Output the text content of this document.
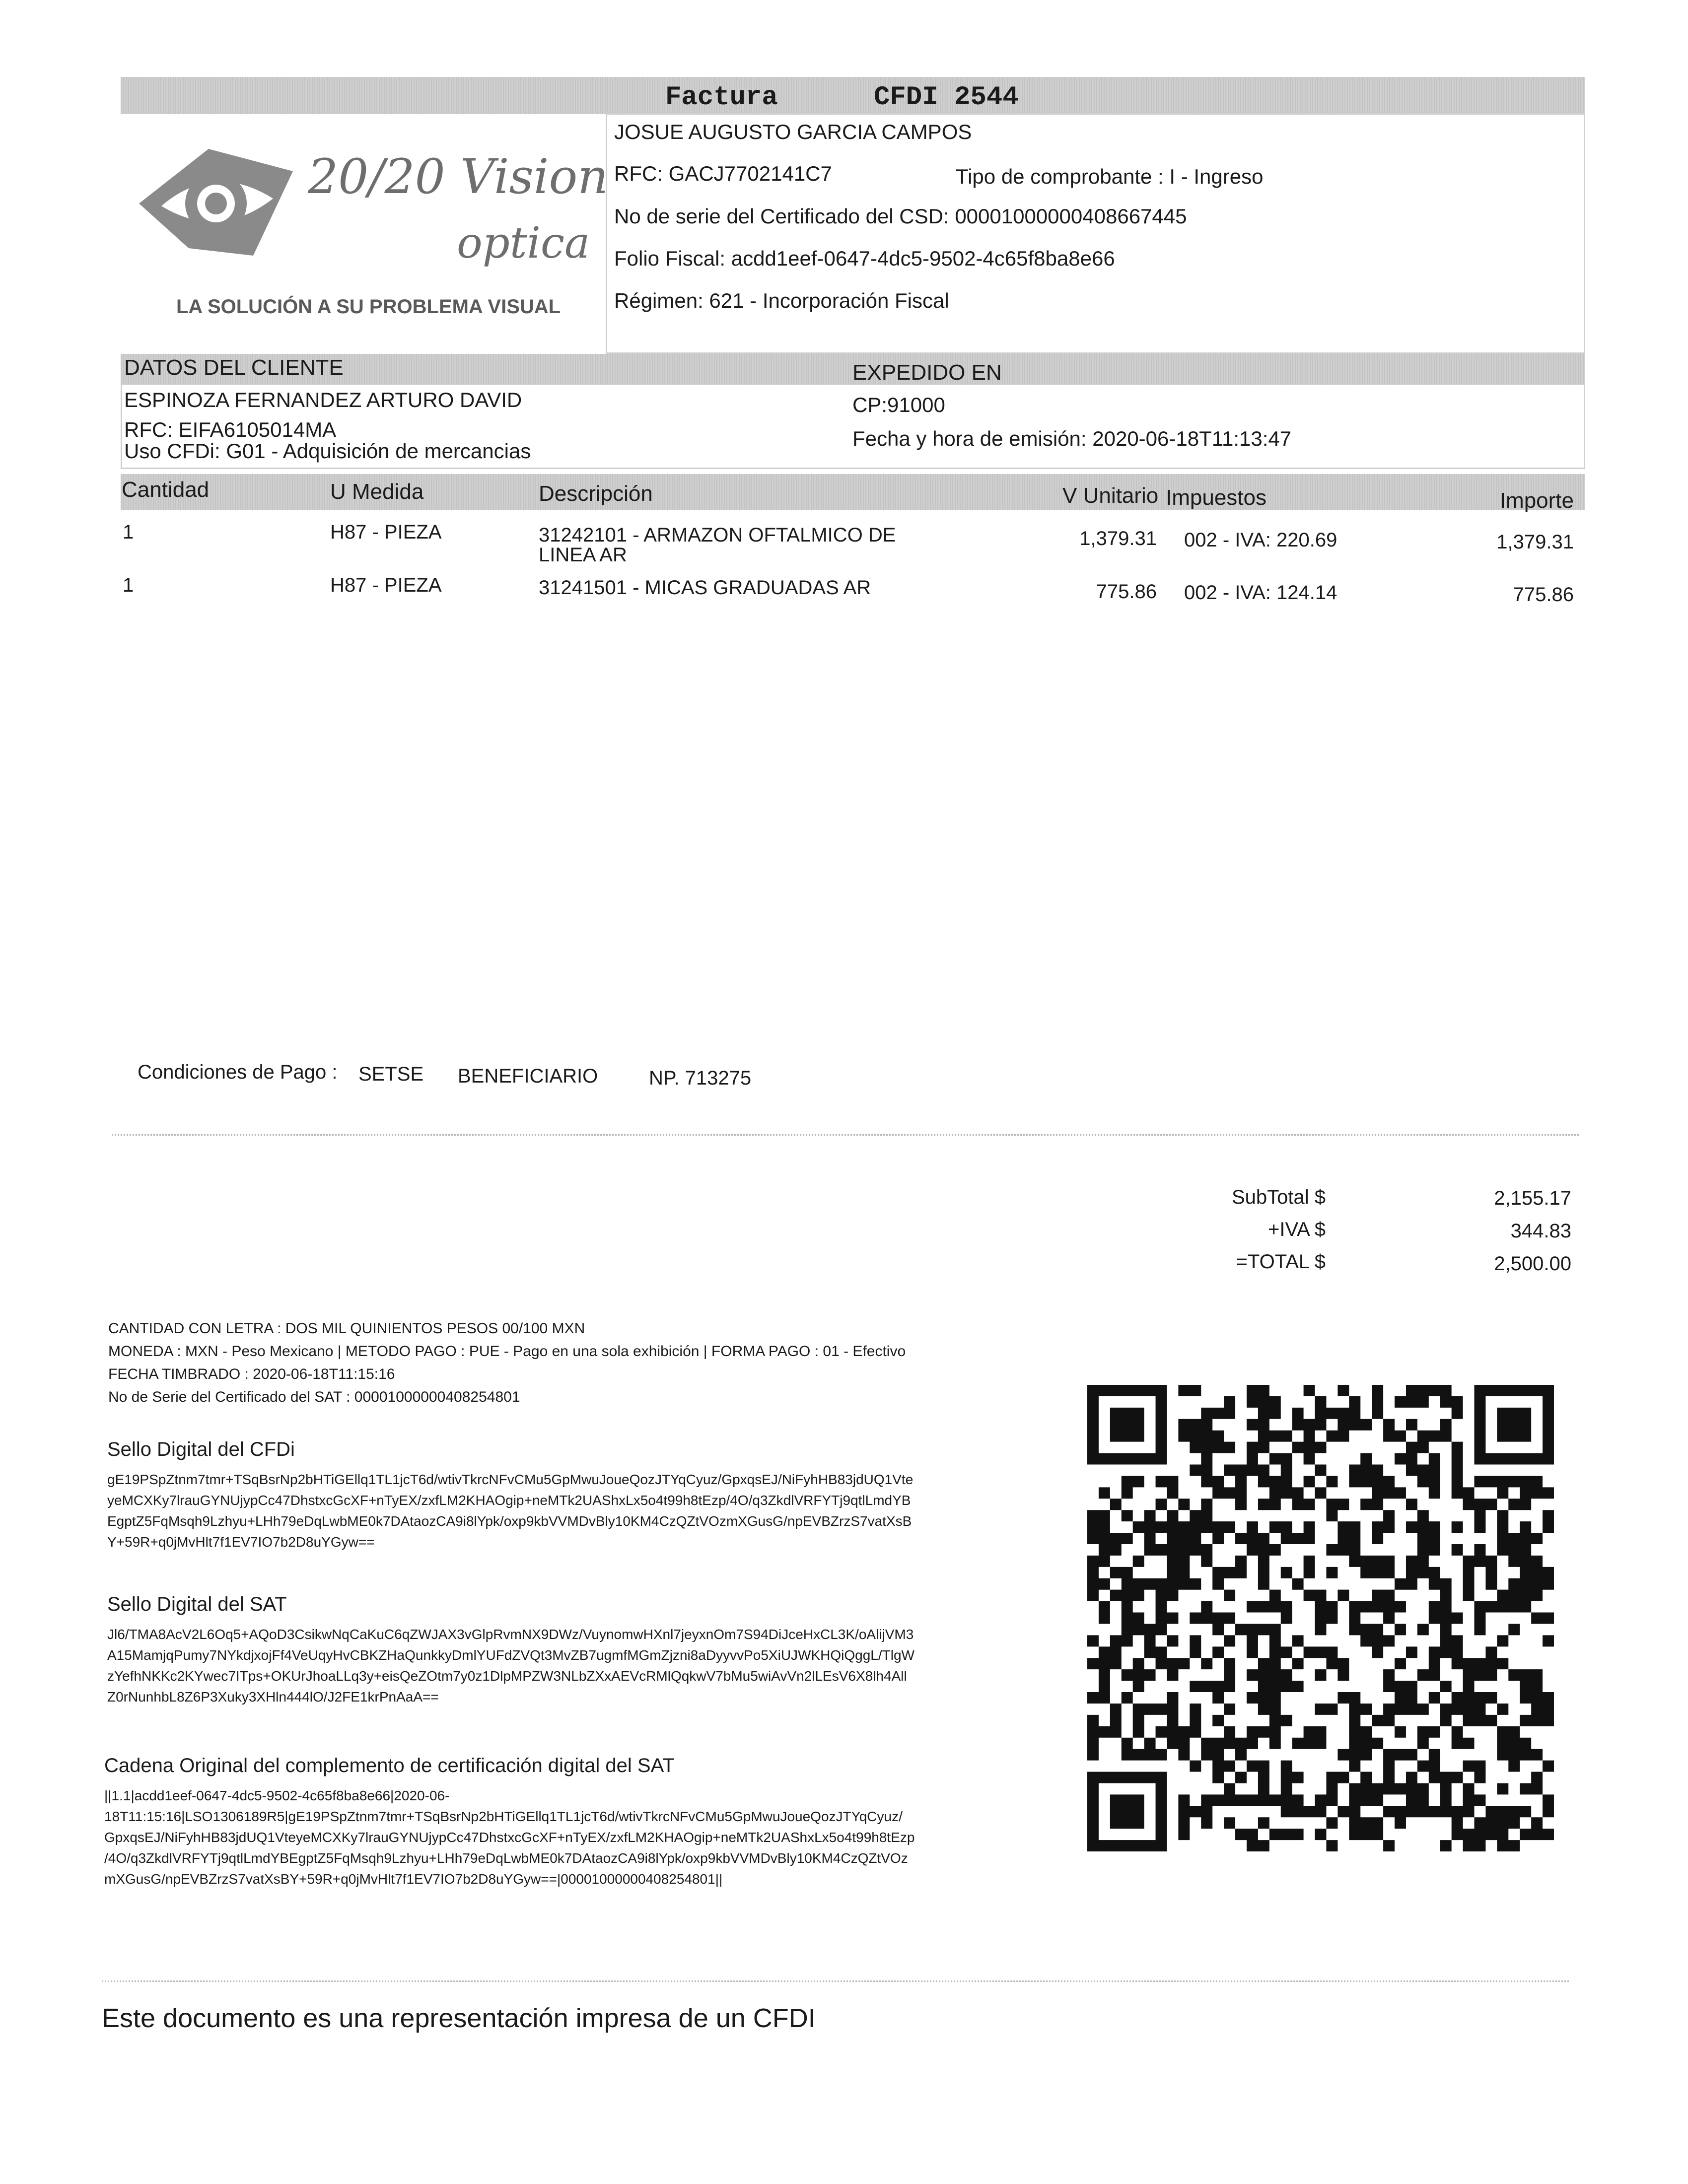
Factura	CFDI 2544
JOSUE AUGUSTO GARCIA CAMPOS
RFC: GACJ7702141C7	Tipo de comprobante : I - Ingreso
No de serie del Certificado del CSD: 00001000000408667445
Folio Fiscal: acdd1eef-0647-4dc5-9502-4c65f8ba8e66
Régimen: 621 - Incorporación Fiscal
20/20 Vision
optica
LA SOLUCIÓN A SU PROBLEMA VISUAL
DATOS DEL CLIENTE	EXPEDIDO EN
ESPINOZA FERNANDEZ ARTURO DAVID
RFC: EIFA6105014MA
Uso CFDi: G01 - Adquisición de mercancias
CP:91000
Fecha y hora de emisión: 2020-06-18T11:13:47
Cantidad	U Medida	Descripción	V Unitario Impuestos	Importe
1	H87 - PIEZA	31242101 - ARMAZON OFTALMICO DE
LINEA AR
1,379.31 002 - IVA: 220.69	1,379.31
1	H87 - PIEZA	31241501 - MICAS GRADUADAS AR	775.86 002 - IVA: 124.14	775.86
Condiciones de Pago : SETSE BENEFICIARIO	NP. 713275
SubTotal $	2,155.17
+IVA $	344.83
=TOTAL $	2,500.00
CANTIDAD CON LETRA : DOS MIL QUINIENTOS PESOS 00/100 MXN
MONEDA : MXN - Peso Mexicano | METODO PAGO : PUE - Pago en una sola exhibición | FORMA PAGO : 01 - Efectivo
FECHA TIMBRADO : 2020-06-18T11:15:16
No de Serie del Certificado del SAT : 00001000000408254801
Sello Digital del CFDi
gE19PSpZtnm7tmr+TSqBsrNp2bHTiGEllq1TL1jcT6d/wtivTkrcNFvCMu5GpMwuJoueQozJTYqCyuz/GpxqsEJ/NiFyhHB83jdUQ1Vte
yeMCXKy7lrauGYNUjypCc47DhstxcGcXF+nTyEX/zxfLM2KHAOgip+neMTk2UAShxLx5o4t99h8tEzp/4O/q3ZkdlVRFYTj9qtlLmdYB
EgptZ5FqMsqh9Lzhyu+LHh79eDqLwbME0k7DAtaozCA9i8lYpk/oxp9kbVVMDvBly10KM4CzQZtVOzmXGusG/npEVBZrzS7vatXsB
Y+59R+q0jMvHlt7f1EV7IO7b2D8uYGyw==
Sello Digital del SAT
Jl6/TMA8AcV2L6Oq5+AQoD3CsikwNqCaKuC6qZWJAX3vGlpRvmNX9DWz/VuynomwHXnl7jeyxnOm7S94DiJceHxCL3K/oAlijVM3
A15MamjqPumy7NYkdjxojFf4VeUqyHvCBKZHaQunkkyDmlYUFdZVQt3MvZB7ugmfMGmZjzni8aDyyvvPo5XiUJWKHQiQggL/TlgW
zYefhNKKc2KYwec7ITps+OKUrJhoaLLq3y+eisQeZOtm7y0z1DlpMPZW3NLbZXxAEVcRMlQqkwV7bMu5wiAvVn2lLEsV6X8lh4All
Z0rNunhbL8Z6P3Xuky3XHln444lO/J2FE1krPnAaA==
Cadena Original del complemento de certificación digital del SAT
||1.1|acdd1eef-0647-4dc5-9502-4c65f8ba8e66|2020-06-
18T11:15:16|LSO1306189R5|gE19PSpZtnm7tmr+TSqBsrNp2bHTiGEllq1TL1jcT6d/wtivTkrcNFvCMu5GpMwuJoueQozJTYqCyuz/
GpxqsEJ/NiFyhHB83jdUQ1VteyeMCXKy7lrauGYNUjypCc47DhstxcGcXF+nTyEX/zxfLM2KHAOgip+neMTk2UAShxLx5o4t99h8tEzp
/4O/q3ZkdlVRFYTj9qtlLmdYBEgptZ5FqMsqh9Lzhyu+LHh79eDqLwbME0k7DAtaozCA9i8lYpk/oxp9kbVVMDvBly10KM4CzQZtVOz
mXGusG/npEVBZrzS7vatXsBY+59R+q0jMvHlt7f1EV7IO7b2D8uYGyw==|00001000000408254801||
Este documento es una representación impresa de un CFDI
